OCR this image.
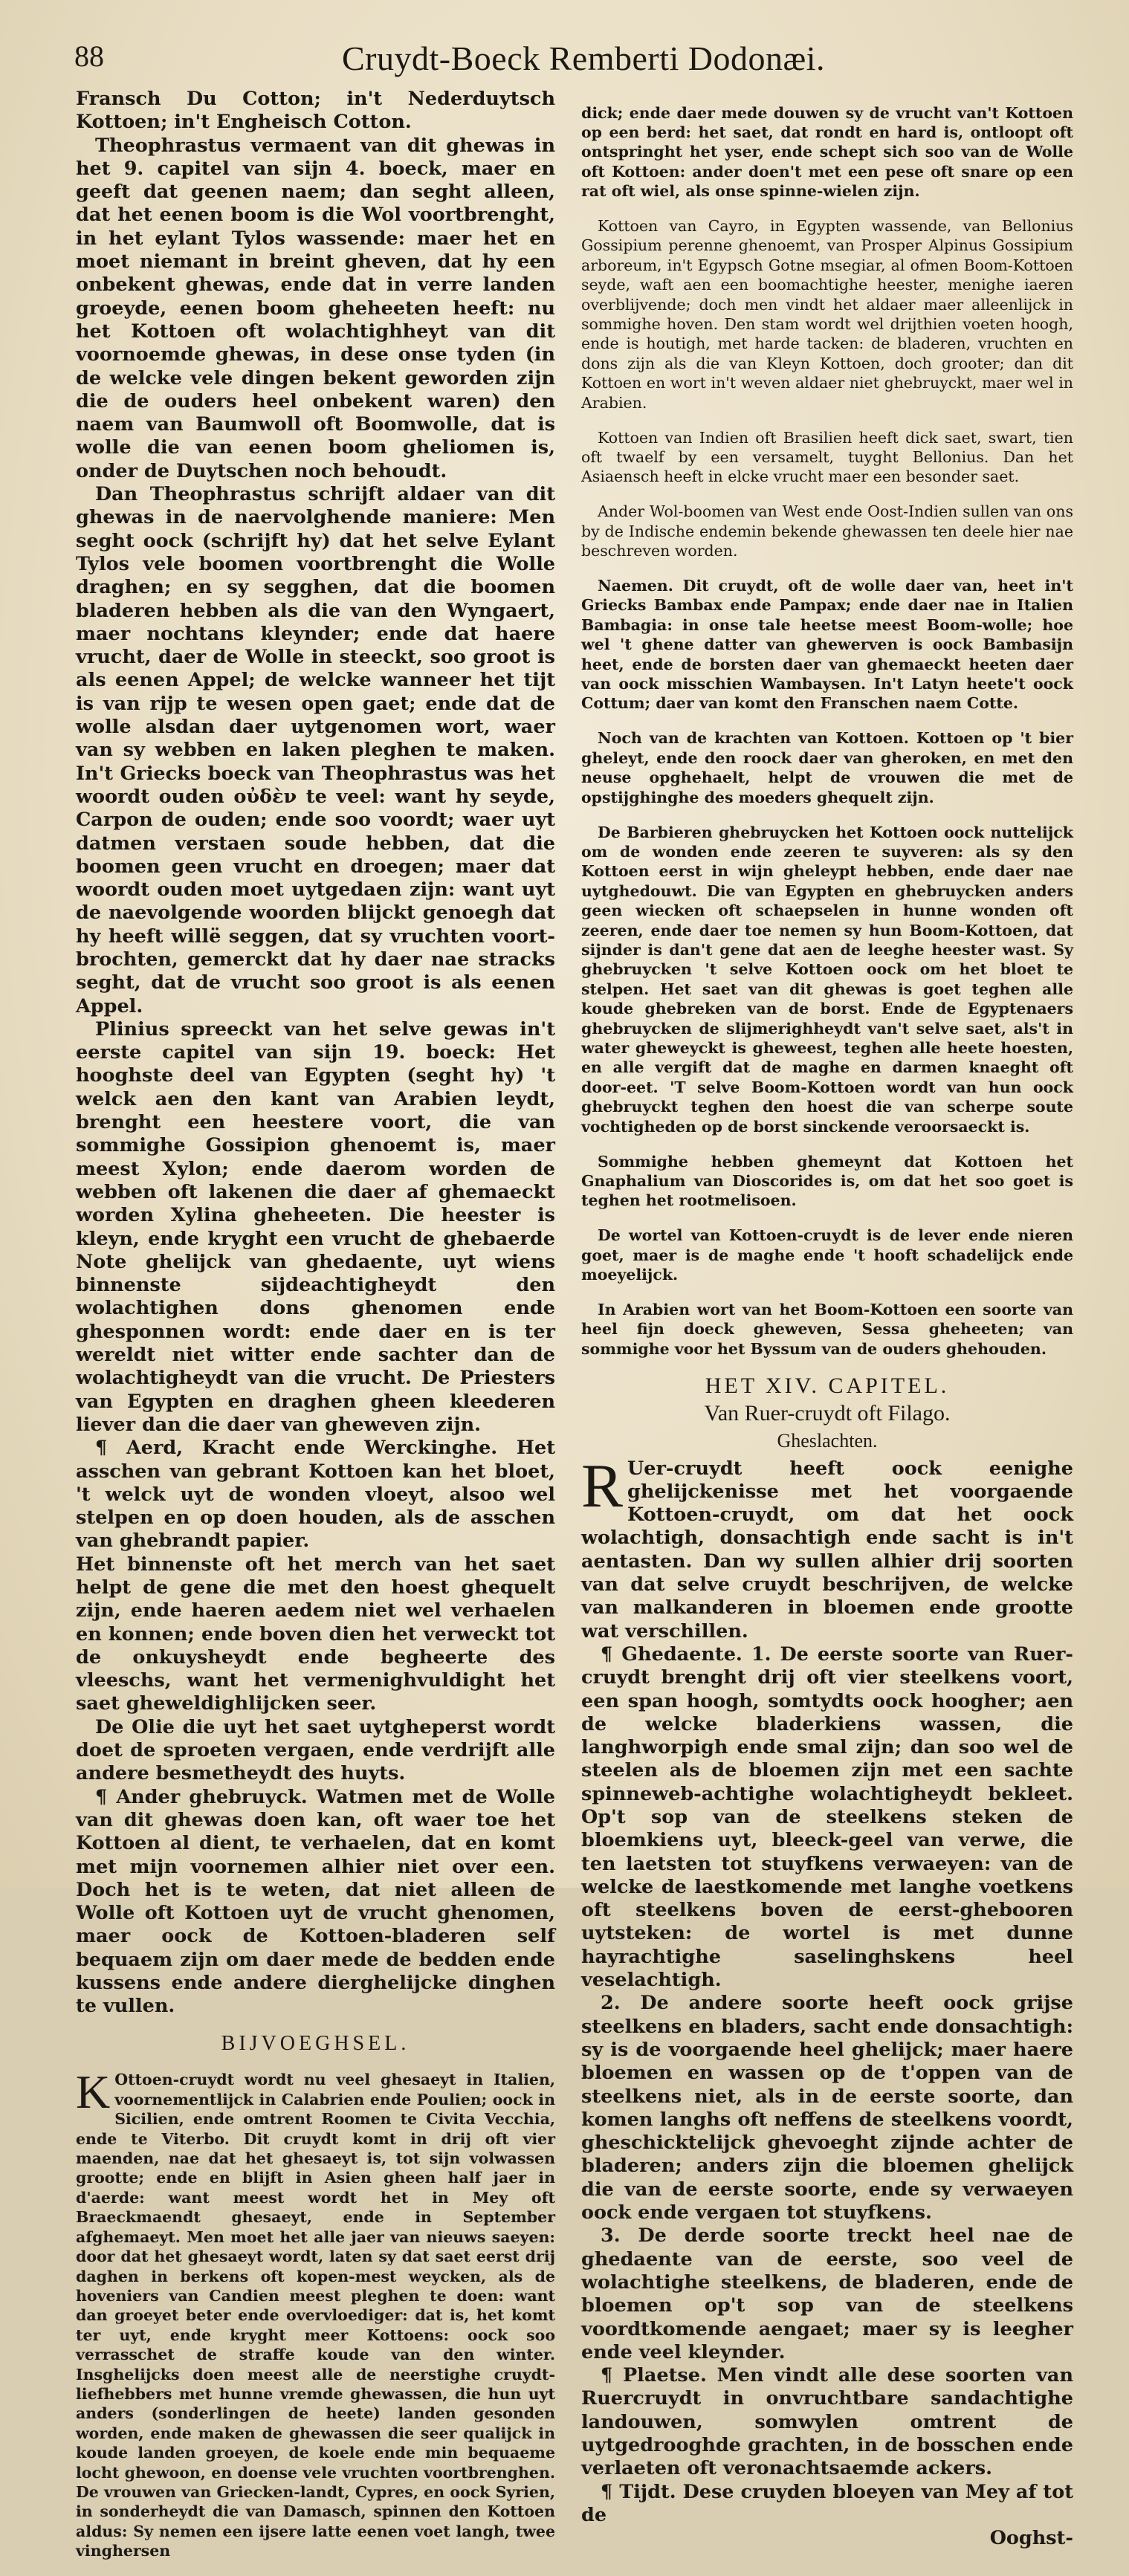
88	Cruydt-Boeck Remberti Dodonæi.

Fransch Du Cotton; in't Nederduytsch Kottoen; in't Engheisch Cotton.

Theophrastus vermaent van dit ghewas in het 9. capitel van sijn 4. boeck, maer en geeft dat geenen naem; dan seght alleen, dat het eenen boom is die Wol voortbrenght, in het eylant Tylos wassende: maer het en moet niemant in breint gheven, dat hy een onbekent ghewas, ende dat in verre landen groeyde, eenen boom gheheeten heeft: nu het Kottoen oft wolachtighheyt van dit voornoemde ghewas, in dese onse tyden (in de welcke vele dingen bekent geworden zijn die de ouders heel onbekent waren) den naem van Baumwoll oft Boomwolle, dat is wolle die van eenen boom gheliomen is, onder de Duytschen noch behoudt.

Dan Theophrastus schrijft aldaer van dit ghewas in de naervolghende maniere: Men seght oock (schrijft hy) dat het selve Eylant Tylos vele boomen voortbrenght die Wolle draghen; en sy segghen, dat die boomen bladeren hebben als die van den Wyngaert, maer nochtans kleynder; ende dat haere vrucht, daer de Wolle in steeckt, soo groot is als eenen Appel; de welcke wanneer het tijt is van rijp te wesen open gaet; ende dat de wolle alsdan daer uytgenomen wort, waer van sy webben en laken pleghen te maken. In't Griecks boeck van Theophrastus was het woordt ouden οὐδὲν te veel: want hy seyde, Carpon de ouden; ende soo voordt; waer uyt datmen verstaen soude hebben, dat die boomen geen vrucht en droegen; maer dat woordt ouden moet uytgedaen zijn: want uyt de naevolgende woorden blijckt genoegh dat hy heeft willë seggen, dat sy vruchten voort-brochten, gemerckt dat hy daer nae stracks seght, dat de vrucht soo groot is als eenen Appel.

Plinius spreeckt van het selve gewas in't eerste capitel van sijn 19. boeck: Het hooghste deel van Egypten (seght hy) 't welck aen den kant van Arabien leydt, brenght een heestere voort, die van sommighe Gossipion ghenoemt is, maer meest Xylon; ende daerom worden de webben oft lakenen die daer af ghemaeckt worden Xylina gheheeten. Die heester is kleyn, ende kryght een vrucht de ghebaerde Note ghelijck van ghedaente, uyt wiens binnenste sijdeachtigheydt den wolachtighen dons ghenomen ende ghesponnen wordt: ende daer en is ter wereldt niet witter ende sachter dan de wolachtigheydt van die vrucht. De Priesters van Egypten en draghen gheen kleederen liever dan die daer van gheweven zijn.

¶ Aerd, Kracht ende Werckinghe. Het asschen van gebrant Kottoen kan het bloet, 't welck uyt de wonden vloeyt, alsoo wel stelpen en op doen houden, als de asschen van ghebrandt papier.

Het binnenste oft het merch van het saet helpt de gene die met den hoest ghequelt zijn, ende haeren aedem niet wel verhaelen en konnen; ende boven dien het verweckt tot de onkuysheydt ende begheerte des vleeschs, want het vermenighvuldight het saet gheweldighlijcken seer.

De Olie die uyt het saet uytgheperst wordt doet de sproeten vergaen, ende verdrijft alle andere besmetheydt des huyts.

¶ Ander ghebruyck. Watmen met de Wolle van dit ghewas doen kan, oft waer toe het Kottoen al dient, te verhaelen, dat en komt met mijn voornemen alhier niet over een. Doch het is te weten, dat niet alleen de Wolle oft Kottoen uyt de vrucht ghenomen, maer oock de Kottoen-bladeren self bequaem zijn om daer mede de bedden ende kussens ende andere dierghelijcke dinghen te vullen.

BIJVOEGHSEL.

K Ottoen-cruydt wordt nu veel ghesaeyt in Italien, voornementlijck in Calabrien ende Poulien; oock in Sicilien, ende omtrent Roomen te Civita Vecchia, ende te Viterbo. Dit cruydt komt in drij oft vier maenden, nae dat het ghesaeyt is, tot sijn volwassen grootte; ende en blijft in Asien gheen half jaer in d'aerde: want meest wordt het in Mey oft Braeckmaendt ghesaeyt, ende in September afghemaeyt. Men moet het alle jaer van nieuws saeyen: door dat het ghesaeyt wordt, laten sy dat saet eerst drij daghen in berkens oft kopen-mest weycken, als de hoveniers van Candien meest pleghen te doen: want dan groeyet beter ende overvloediger: dat is, het komt ter uyt, ende kryght meer Kottoens: oock soo verrasschet de straffe koude van den winter. Insghelijcks doen meest alle de neerstighe cruydt-liefhebbers met hunne vremde ghewassen, die hun uyt anders (sonderlingen de heete) landen gesonden worden, ende maken de ghewassen die seer qualijck in koude landen groeyen, de koele ende min bequaeme locht ghewoon, en doense vele vruchten voortbrenghen. De vrouwen van Griecken-landt, Cypres, en oock Syrien, in sonderheydt die van Damasch, spinnen den Kottoen aldus: Sy nemen een ijsere latte eenen voet langh, twee vinghersen

dick; ende daer mede douwen sy de vrucht van't Kottoen op een berd: het saet, dat rondt en hard is, ontloopt oft ontspringht het yser, ende schept sich soo van de Wolle oft Kottoen: ander doen't met een pese oft snare op een rat oft wiel, als onse spinne-wielen zijn.

Kottoen van Cayro, in Egypten wassende, van Bellonius Gossipium perenne ghenoemt, van Prosper Alpinus Gossipium arboreum, in't Egypsch Gotne msegiar, al ofmen Boom-Kottoen seyde, waft aen een boomachtighe heester, menighe iaeren overblijvende; doch men vindt het aldaer maer alleenlijck in sommighe hoven. Den stam wordt wel drijthien voeten hoogh, ende is houtigh, met harde tacken: de bladeren, vruchten en dons zijn als die van Kleyn Kottoen, doch grooter; dan dit Kottoen en wort in't weven aldaer niet ghebruyckt, maer wel in Arabien.

Kottoen van Indien oft Brasilien heeft dick saet, swart, tien oft twaelf by een versamelt, tuyght Bellonius. Dan het Asiaensch heeft in elcke vrucht maer een besonder saet.

Ander Wol-boomen van West ende Oost-Indien sullen van ons by de Indische endemin bekende ghewassen ten deele hier nae beschreven worden.

Naemen. Dit cruydt, oft de wolle daer van, heet in't Griecks Bambax ende Pampax; ende daer nae in Italien Bambagia: in onse tale heetse meest Boom-wolle; hoe wel 't ghene datter van ghewerven is oock Bambasijn heet, ende de borsten daer van ghemaeckt heeten daer van oock misschien Wambaysen. In't Latyn heete't oock Cottum; daer van komt den Franschen naem Cotte.

Noch van de krachten van Kottoen. Kottoen op 't bier gheleyt, ende den roock daer van gheroken, en met den neuse opghehaelt, helpt de vrouwen die met de opstijghinghe des moeders ghequelt zijn.

De Barbieren ghebruycken het Kottoen oock nuttelijck om de wonden ende zeeren te suyveren: als sy den Kottoen eerst in wijn gheleypt hebben, ende daer nae uytghedouwt. Die van Egypten en ghebruycken anders geen wiecken oft schaepselen in hunne wonden oft zeeren, ende daer toe nemen sy hun Boom-Kottoen, dat sijnder is dan't gene dat aen de leeghe heester wast. Sy ghebruycken 't selve Kottoen oock om het bloet te stelpen. Het saet van dit ghewas is goet teghen alle koude ghebreken van de borst. Ende de Egyptenaers ghebruycken de slijmerighheydt van't selve saet, als't in water gheweyckt is gheweest, teghen alle heete hoesten, en alle vergift dat de maghe en darmen knaeght oft door-eet. 'T selve Boom-Kottoen wordt van hun oock ghebruyckt teghen den hoest die van scherpe soute vochtigheden op de borst sinckende veroorsaeckt is.

Sommighe hebben ghemeynt dat Kottoen het Gnaphalium van Dioscorides is, om dat het soo goet is teghen het rootmelisoen.

De wortel van Kottoen-cruydt is de lever ende nieren goet, maer is de maghe ende 't hooft schadelijck ende moeyelijck.

In Arabien wort van het Boom-Kottoen een soorte van heel fijn doeck gheweven, Sessa gheheeten; van sommighe voor het Byssum van de ouders ghehouden.

HET XIV. CAPITEL.
Van Ruer-cruydt oft Filago.
Gheslachten.

R Uer-cruydt heeft oock eenighe ghelijckenisse met het voorgaende Kottoen-cruydt, om dat het oock wolachtigh, donsachtigh ende sacht is in't aentasten. Dan wy sullen alhier drij soorten van dat selve cruydt beschrijven, de welcke van malkanderen in bloemen ende grootte wat verschillen.

¶ Ghedaente. 1. De eerste soorte van Ruer-cruydt brenght drij oft vier steelkens voort, een span hoogh, somtydts oock hoogher; aen de welcke bladerkiens wassen, die langhworpigh ende smal zijn; dan soo wel de steelen als de bloemen zijn met een sachte spinneweb-achtighe wolachtigheydt bekleet. Op't sop van de steelkens steken de bloemkiens uyt, bleeck-geel van verwe, die ten laetsten tot stuyfkens verwaeyen: van de welcke de laestkomende met langhe voetkens oft steelkens boven de eerst-ghebooren uytsteken: de wortel is met dunne hayrachtighe saselinghskens heel veselachtigh.

2. De andere soorte heeft oock grijse steelkens en bladers, sacht ende donsachtigh: sy is de voorgaende heel ghelijck; maer haere bloemen en wassen op de t'oppen van de steelkens niet, als in de eerste soorte, dan komen langhs oft neffens de steelkens voordt, gheschicktelijck ghevoeght zijnde achter de bladeren; anders zijn die bloemen ghelijck die van de eerste soorte, ende sy verwaeyen oock ende vergaen tot stuyfkens.

3. De derde soorte treckt heel nae de ghedaente van de eerste, soo veel de wolachtighe steelkens, de bladeren, ende de bloemen op't sop van de steelkens voordtkomende aengaet; maer sy is leegher ende veel kleynder.

¶ Plaetse. Men vindt alle dese soorten van Ruercruydt in onvruchtbare sandachtighe landouwen, somwylen omtrent de uytgedrooghde grachten, in de bosschen ende verlaeten oft veronachtsaemde ackers.

¶ Tijdt. Dese cruyden bloeyen van Mey af tot de

Ooghst-
